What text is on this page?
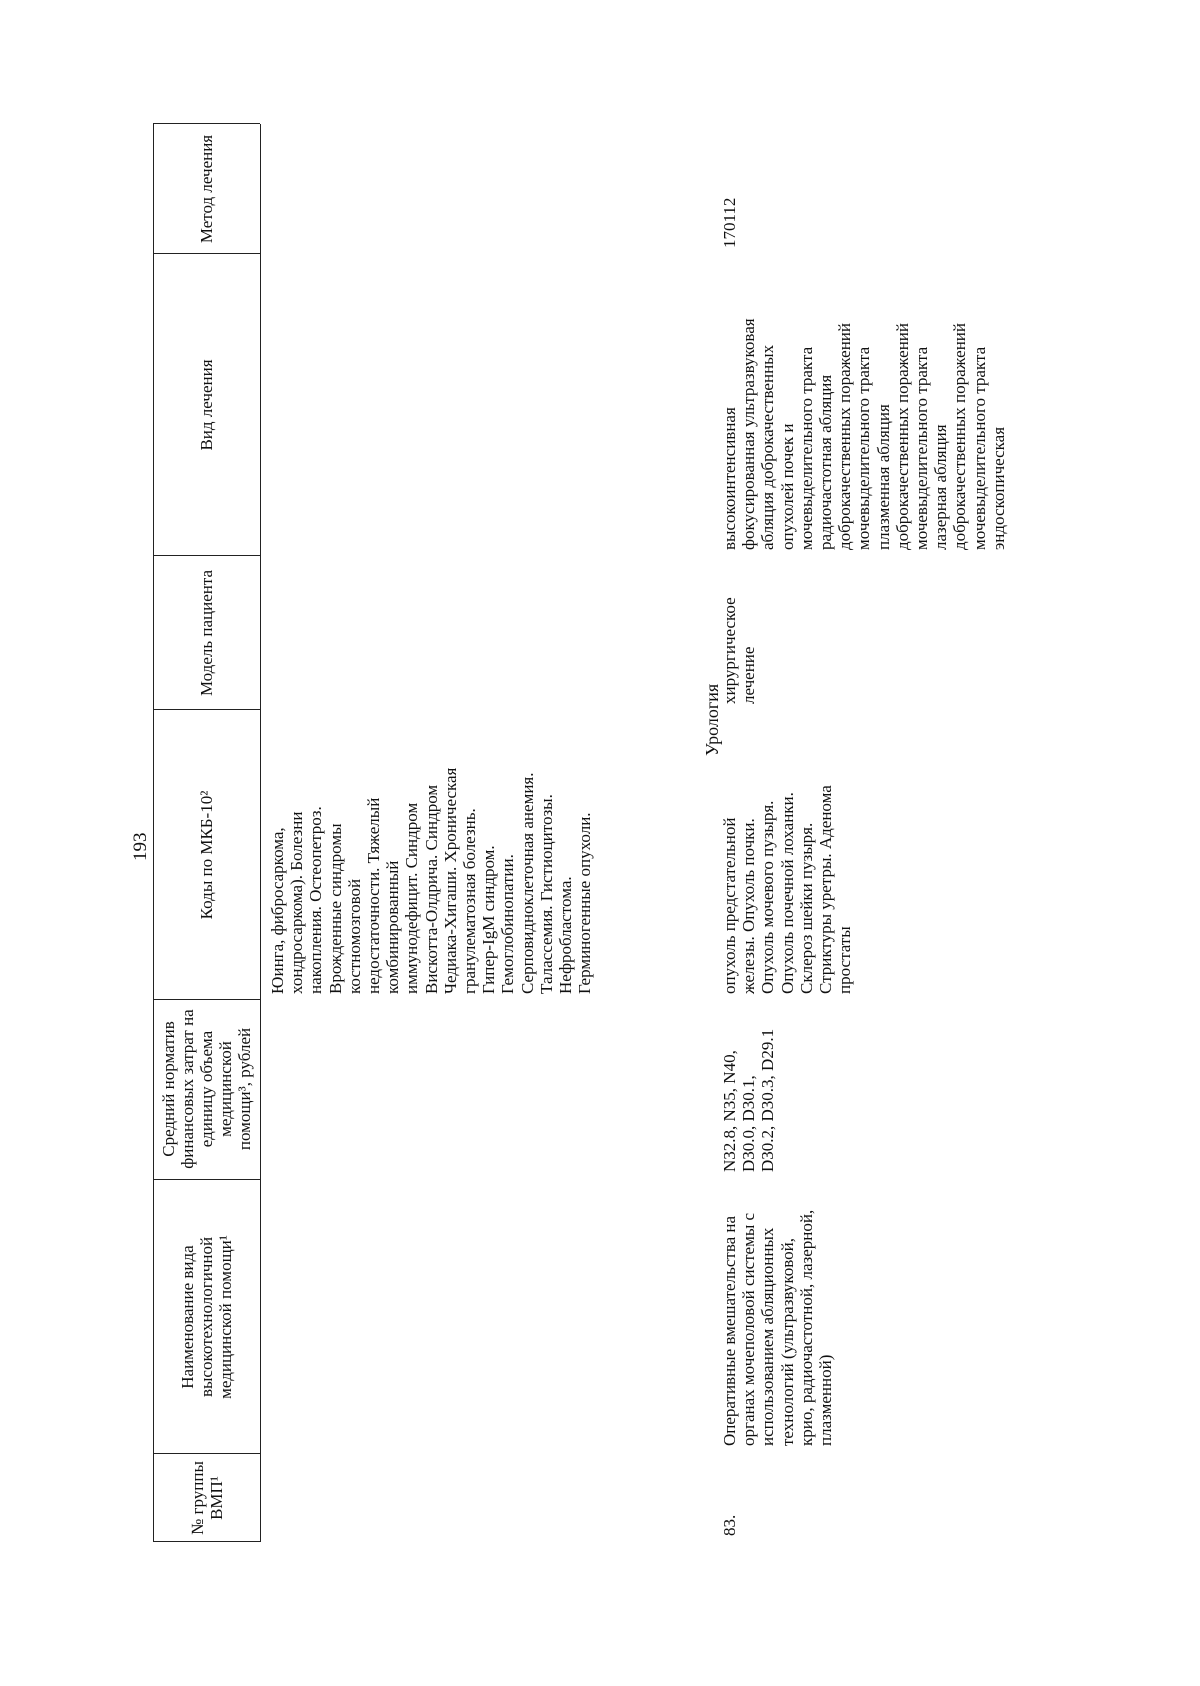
193
№ группы ВМП¹
Наименование вида высокотехнологичной медицинской помощи¹
Коды по МКБ-10²
Модель пациента
Вид лечения
Метод лечения
Средний норматив финансовых затрат на единицу объема медицинской помощи³, рублей
Юинга, фибросаркома,
хондросаркома). Болезни
накопления. Остеопетроз.
Врожденные синдромы
костномозговой
недостаточности. Тяжелый
комбинированный
иммунодефицит. Синдром
Вискотта-Олдрича. Синдром
Чедиака-Хигаши. Хроническая
гранулематозная болезнь.
Гипер-IgM синдром.
Гемоглобинопатии.
Серповидноклеточная анемия.
Талассемия. Гистиоцитозы.
Нефробластома.
Герминогенные опухоли.
Урология
83.
Оперативные вмешательства на
органах мочеполовой системы с
использованием абляционных
технологий (ультразвуковой,
крио, радиочастотной, лазерной,
плазменной)
N32.8, N35, N40,
D30.0, D30.1,
D30.2, D30.3, D29.1
опухоль предстательной
железы. Опухоль почки.
Опухоль мочевого пузыря.
Опухоль почечной лоханки.
Склероз шейки пузыря.
Стриктуры уретры. Аденома
простаты
хирургическое
лечение
высокоинтенсивная
фокусированная ультразвуковая
абляция доброкачественных
опухолей почек и
мочевыделительного тракта
радиочастотная абляция
доброкачественных поражений
мочевыделительного тракта
плазменная абляция
доброкачественных поражений
мочевыделительного тракта
лазерная абляция
доброкачественных поражений
мочевыделительного тракта
эндоскопическая
170112
